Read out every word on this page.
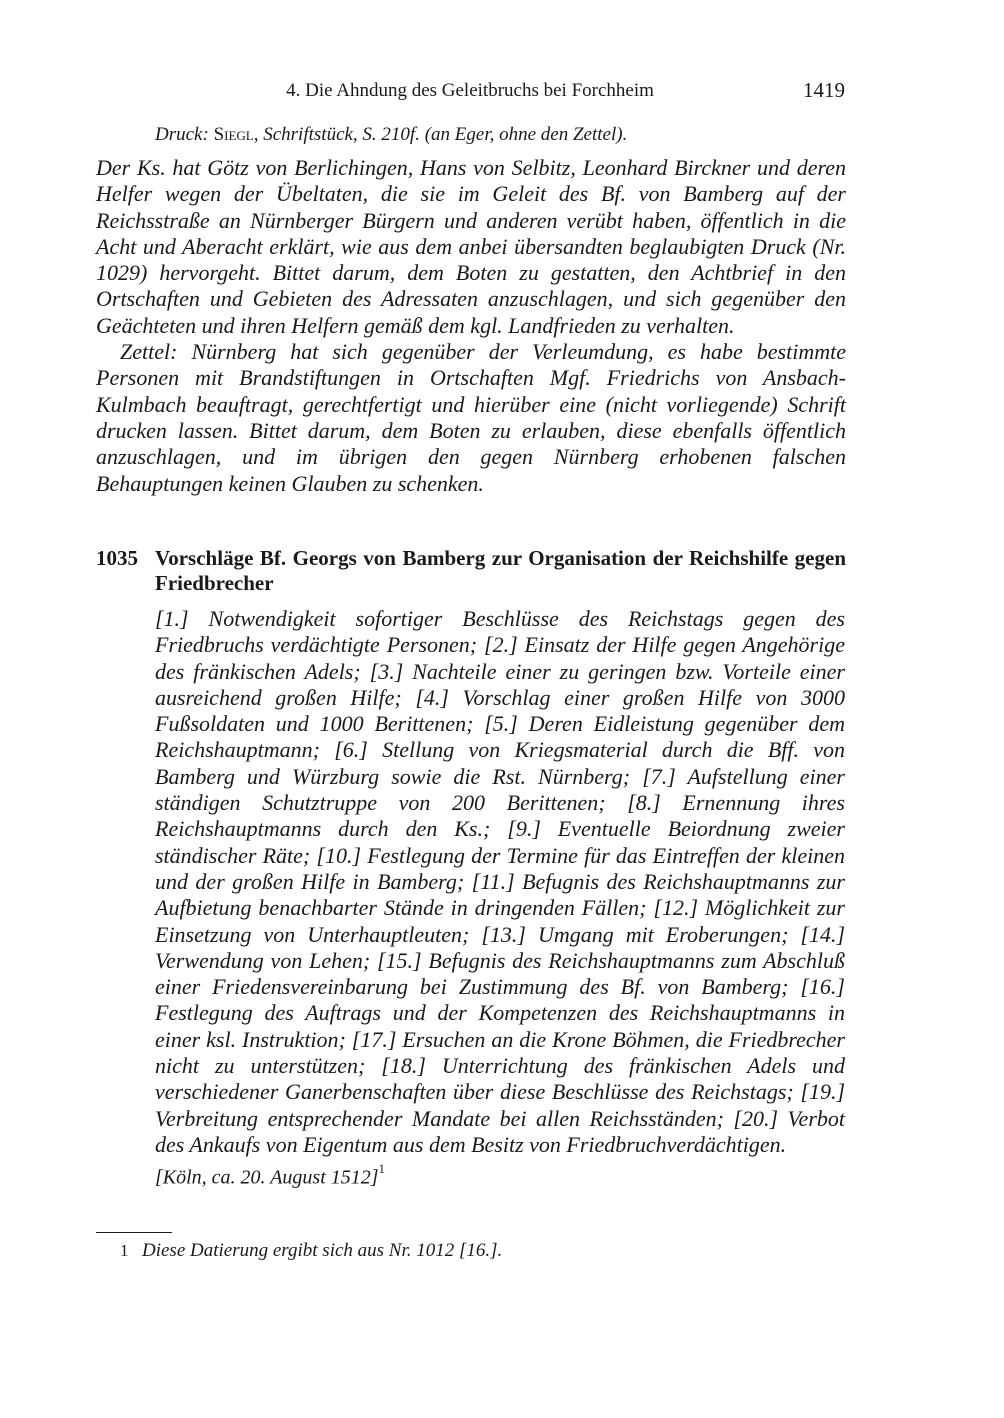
4. Die Ahndung des Geleitbruchs bei Forchheim	1419
Druck: Siegl, Schriftstück, S. 210f. (an Eger, ohne den Zettel).

Der Ks. hat Götz von Berlichingen, Hans von Selbitz, Leonhard Birckner und deren Helfer wegen der Übeltaten, die sie im Geleit des Bf. von Bamberg auf der Reichsstraße an Nürnberger Bürgern und anderen verübt haben, öffentlich in die Acht und Aberacht erklärt, wie aus dem anbei übersandten beglaubigten Druck (Nr. 1029) hervorgeht. Bittet darum, dem Boten zu gestatten, den Achtbrief in den Ortschaften und Gebieten des Adressaten anzuschlagen, und sich gegenüber den Geächteten und ihren Helfern gemäß dem kgl. Landfrieden zu verhalten.

Zettel: Nürnberg hat sich gegenüber der Verleumdung, es habe bestimmte Personen mit Brandstiftungen in Ortschaften Mgf. Friedrichs von Ansbach-Kulmbach beauftragt, gerechtfertigt und hierüber eine (nicht vorliegende) Schrift drucken lassen. Bittet darum, dem Boten zu erlauben, diese ebenfalls öffentlich anzuschlagen, und im übrigen den gegen Nürnberg erhobenen falschen Behauptungen keinen Glauben zu schenken.

1035 Vorschläge Bf. Georgs von Bamberg zur Organisation der Reichshilfe gegen Friedbrecher

[1.] Notwendigkeit sofortiger Beschlüsse des Reichstags gegen des Friedbruchs verdächtigte Personen; [2.] Einsatz der Hilfe gegen Angehörige des fränkischen Adels; [3.] Nachteile einer zu geringen bzw. Vorteile einer ausreichend großen Hilfe; [4.] Vorschlag einer großen Hilfe von 3000 Fußsoldaten und 1000 Berittenen; [5.] Deren Eidleistung gegenüber dem Reichshauptmann; [6.] Stellung von Kriegsmaterial durch die Bff. von Bamberg und Würzburg sowie die Rst. Nürnberg; [7.] Aufstellung einer ständigen Schutztruppe von 200 Berittenen; [8.] Ernennung ihres Reichshauptmanns durch den Ks.; [9.] Eventuelle Beiordnung zweier ständischer Räte; [10.] Festlegung der Termine für das Eintreffen der kleinen und der großen Hilfe in Bamberg; [11.] Befugnis des Reichshauptmanns zur Aufbietung benachbarter Stände in dringenden Fällen; [12.] Möglichkeit zur Einsetzung von Unterhauptleuten; [13.] Umgang mit Eroberungen; [14.] Verwendung von Lehen; [15.] Befugnis des Reichshauptmanns zum Abschluß einer Friedensvereinbarung bei Zustimmung des Bf. von Bamberg; [16.] Festlegung des Auftrags und der Kompetenzen des Reichshauptmanns in einer ksl. Instruktion; [17.] Ersuchen an die Krone Böhmen, die Friedbrecher nicht zu unterstützen; [18.] Unterrichtung des fränkischen Adels und verschiedener Ganerbenschaften über diese Beschlüsse des Reichstags; [19.] Verbreitung entsprechender Mandate bei allen Reichsständen; [20.] Verbot des Ankaufs von Eigentum aus dem Besitz von Friedbruchverdächtigen.

[Köln, ca. 20. August 1512]$^1$
1 Diese Datierung ergibt sich aus Nr. 1012 [16.].
